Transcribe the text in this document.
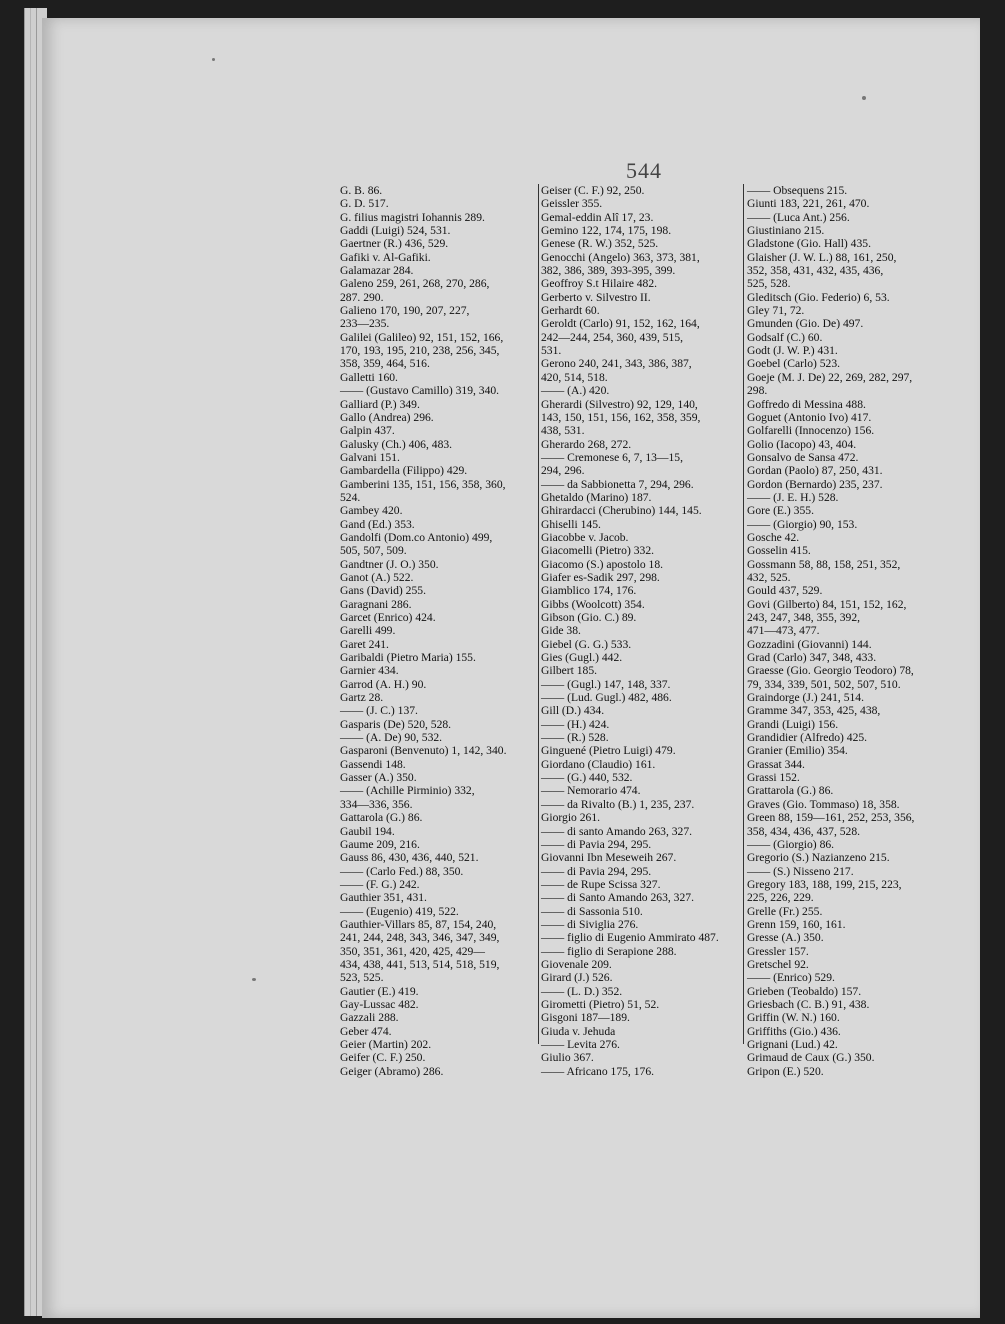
544
G. B. 86.
G. D. 517.
G. filius magistri Iohannis 289.
Gaddi (Luigi) 524, 531.
Gaertner (R.) 436, 529.
Gafiki v. Al-Gafiki.
Galamazar 284.
Galeno 259, 261, 268, 270, 286,
287. 290.
Galieno 170, 190, 207, 227,
233—235.
Galilei (Galileo) 92, 151, 152, 166,
170, 193, 195, 210, 238, 256, 345,
358, 359, 464, 516.
Galletti 160.
—— (Gustavo Camillo) 319, 340.
Galliard (P.) 349.
Gallo (Andrea) 296.
Galpin 437.
Galusky (Ch.) 406, 483.
Galvani 151.
Gambardella (Filippo) 429.
Gamberini 135, 151, 156, 358, 360,
524.
Gambey 420.
Gand (Ed.) 353.
Gandolfi (Dom.co Antonio) 499,
505, 507, 509.
Gandtner (J. O.) 350.
Ganot (A.) 522.
Gans (David) 255.
Garagnani 286.
Garcet (Enrico) 424.
Garelli 499.
Garet 241.
Garibaldi (Pietro Maria) 155.
Garnier 434.
Garrod (A. H.) 90.
Gartz 28.
—— (J. C.) 137.
Gasparis (De) 520, 528.
—— (A. De) 90, 532.
Gasparoni (Benvenuto) 1, 142, 340.
Gassendi 148.
Gasser (A.) 350.
—— (Achille Pirminio) 332,
334—336, 356.
Gattarola (G.) 86.
Gaubil 194.
Gaume 209, 216.
Gauss 86, 430, 436, 440, 521.
—— (Carlo Fed.) 88, 350.
—— (F. G.) 242.
Gauthier 351, 431.
—— (Eugenio) 419, 522.
Gauthier-Villars 85, 87, 154, 240,
241, 244, 248, 343, 346, 347, 349,
350, 351, 361, 420, 425, 429—
434, 438, 441, 513, 514, 518, 519,
523, 525.
Gautier (E.) 419.
Gay-Lussac 482.
Gazzali 288.
Geber 474.
Geier (Martin) 202.
Geifer (C. F.) 250.
Geiger (Abramo) 286.
Geiser (C. F.) 92, 250.
Geissler 355.
Gemal-eddin Alî 17, 23.
Gemino 122, 174, 175, 198.
Genese (R. W.) 352, 525.
Genocchi (Angelo) 363, 373, 381,
382, 386, 389, 393-395, 399.
Geoffroy S.t Hilaire 482.
Gerberto v. Silvestro II.
Gerhardt 60.
Geroldt (Carlo) 91, 152, 162, 164,
242—244, 254, 360, 439, 515,
531.
Gerono 240, 241, 343, 386, 387,
420, 514, 518.
—— (A.) 420.
Gherardi (Silvestro) 92, 129, 140,
143, 150, 151, 156, 162, 358, 359,
438, 531.
Gherardo 268, 272.
—— Cremonese 6, 7, 13—15,
294, 296.
—— da Sabbionetta 7, 294, 296.
Ghetaldo (Marino) 187.
Ghirardacci (Cherubino) 144, 145.
Ghiselli 145.
Giacobbe v. Jacob.
Giacomelli (Pietro) 332.
Giacomo (S.) apostolo 18.
Giafer es-Sadik 297, 298.
Giamblico 174, 176.
Gibbs (Woolcott) 354.
Gibson (Gio. C.) 89.
Gide 38.
Giebel (G. G.) 533.
Gies (Gugl.) 442.
Gilbert 185.
—— (Gugl.) 147, 148, 337.
—— (Lud. Gugl.) 482, 486.
Gill (D.) 434.
—— (H.) 424.
—— (R.) 528.
Ginguené (Pietro Luigi) 479.
Giordano (Claudio) 161.
—— (G.) 440, 532.
—— Nemorario 474.
—— da Rivalto (B.) 1, 235, 237.
Giorgio 261.
—— di santo Amando 263, 327.
—— di Pavia 294, 295.
Giovanni Ibn Meseweih 267.
—— di Pavia 294, 295.
—— de Rupe Scissa 327.
—— di Santo Amando 263, 327.
—— di Sassonia 510.
—— di Siviglia 276.
—— figlio di Eugenio Ammirato 487.
—— figlio di Serapione 288.
Giovenale 209.
Girard (J.) 526.
—— (L. D.) 352.
Girometti (Pietro) 51, 52.
Gisgoni 187—189.
Giuda v. Jehuda
—— Levita 276.
Giulio 367.
—— Africano 175, 176.
—— Obsequens 215.
Giunti 183, 221, 261, 470.
—— (Luca Ant.) 256.
Giustiniano 215.
Gladstone (Gio. Hall) 435.
Glaisher (J. W. L.) 88, 161, 250,
352, 358, 431, 432, 435, 436,
525, 528.
Gleditsch (Gio. Federio) 6, 53.
Gley 71, 72.
Gmunden (Gio. De) 497.
Godsalf (C.) 60.
Godt (J. W. P.) 431.
Goebel (Carlo) 523.
Goeje (M. J. De) 22, 269, 282, 297,
298.
Goffredo di Messina 488.
Goguet (Antonio Ivo) 417.
Golfarelli (Innocenzo) 156.
Golio (Iacopo) 43, 404.
Gonsalvo de Sansa 472.
Gordan (Paolo) 87, 250, 431.
Gordon (Bernardo) 235, 237.
—— (J. E. H.) 528.
Gore (E.) 355.
—— (Giorgio) 90, 153.
Gosche 42.
Gosselin 415.
Gossmann 58, 88, 158, 251, 352,
432, 525.
Gould 437, 529.
Govi (Gilberto) 84, 151, 152, 162,
243, 247, 348, 355, 392,
471—473, 477.
Gozzadini (Giovanni) 144.
Grad (Carlo) 347, 348, 433.
Graesse (Gio. Georgio Teodoro) 78,
79, 334, 339, 501, 502, 507, 510.
Graindorge (J.) 241, 514.
Gramme 347, 353, 425, 438,
Grandi (Luigi) 156.
Grandidier (Alfredo) 425.
Granier (Emilio) 354.
Grassat 344.
Grassi 152.
Grattarola (G.) 86.
Graves (Gio. Tommaso) 18, 358.
Green 88, 159—161, 252, 253, 356,
358, 434, 436, 437, 528.
—— (Giorgio) 86.
Gregorio (S.) Nazianzeno 215.
—— (S.) Nisseno 217.
Gregory 183, 188, 199, 215, 223,
225, 226, 229.
Grelle (Fr.) 255.
Grenn 159, 160, 161.
Gresse (A.) 350.
Gressler 157.
Gretschel 92.
—— (Enrico) 529.
Grieben (Teobaldo) 157.
Griesbach (C. B.) 91, 438.
Griffin (W. N.) 160.
Griffiths (Gio.) 436.
Grignani (Lud.) 42.
Grimaud de Caux (G.) 350.
Gripon (E.) 520.
